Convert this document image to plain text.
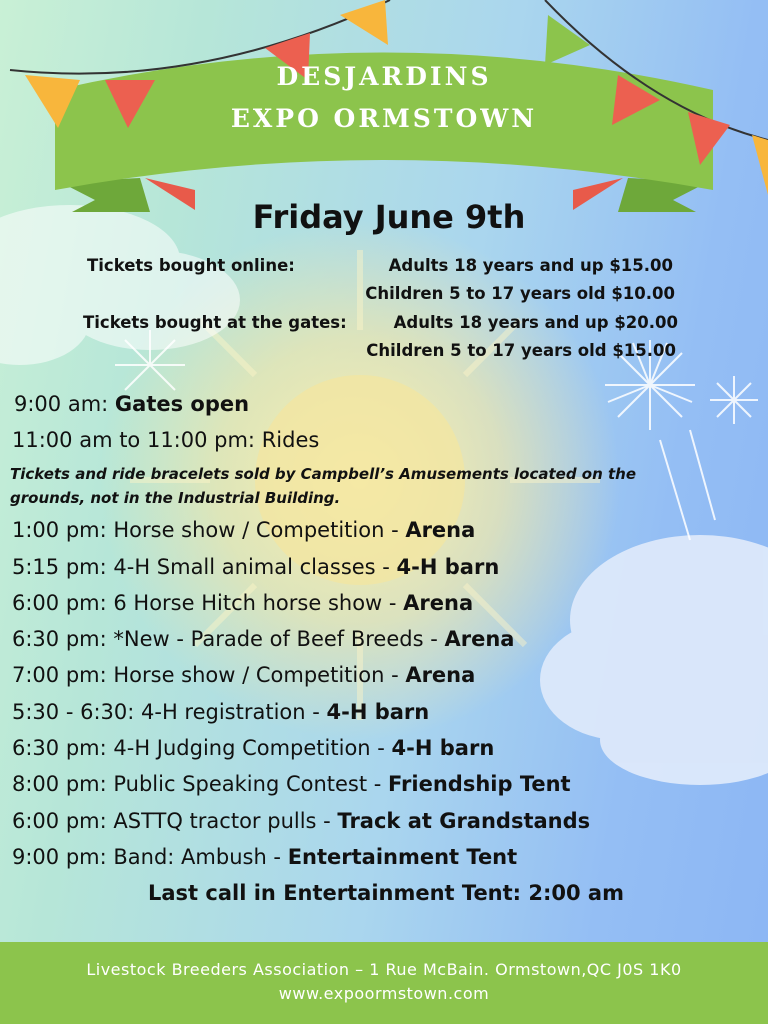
DESJARDINS
EXPO ORMSTOWN
Friday June 9th
Tickets bought online:	Adults 18 years and up $15.00
Children 5 to 17 years old $10.00
Tickets bought at the gates:	Adults 18 years and up $20.00
Children 5 to 17 years old $15.00
9:00 am: Gates open
11:00 am to 11:00 pm: Rides
Tickets and ride bracelets sold by Campbell’s Amusements located on the grounds, not in the Industrial Building.
1:00 pm: Horse show / Competition - Arena
5:15 pm: 4-H Small animal classes - 4-H barn
6:00 pm: 6 Horse Hitch horse show - Arena
6:30 pm: *New - Parade of Beef Breeds - Arena
7:00 pm: Horse show / Competition - Arena
5:30 - 6:30: 4-H registration - 4-H barn
6:30 pm: 4-H Judging Competition - 4-H barn
8:00 pm: Public Speaking Contest - Friendship Tent
6:00 pm: ASTTQ tractor pulls - Track at Grandstands
9:00 pm: Band: Ambush - Entertainment Tent
Last call in Entertainment Tent: 2:00 am
Livestock Breeders Association – 1 Rue McBain. Ormstown,QC J0S 1K0
www.expoormstown.com
